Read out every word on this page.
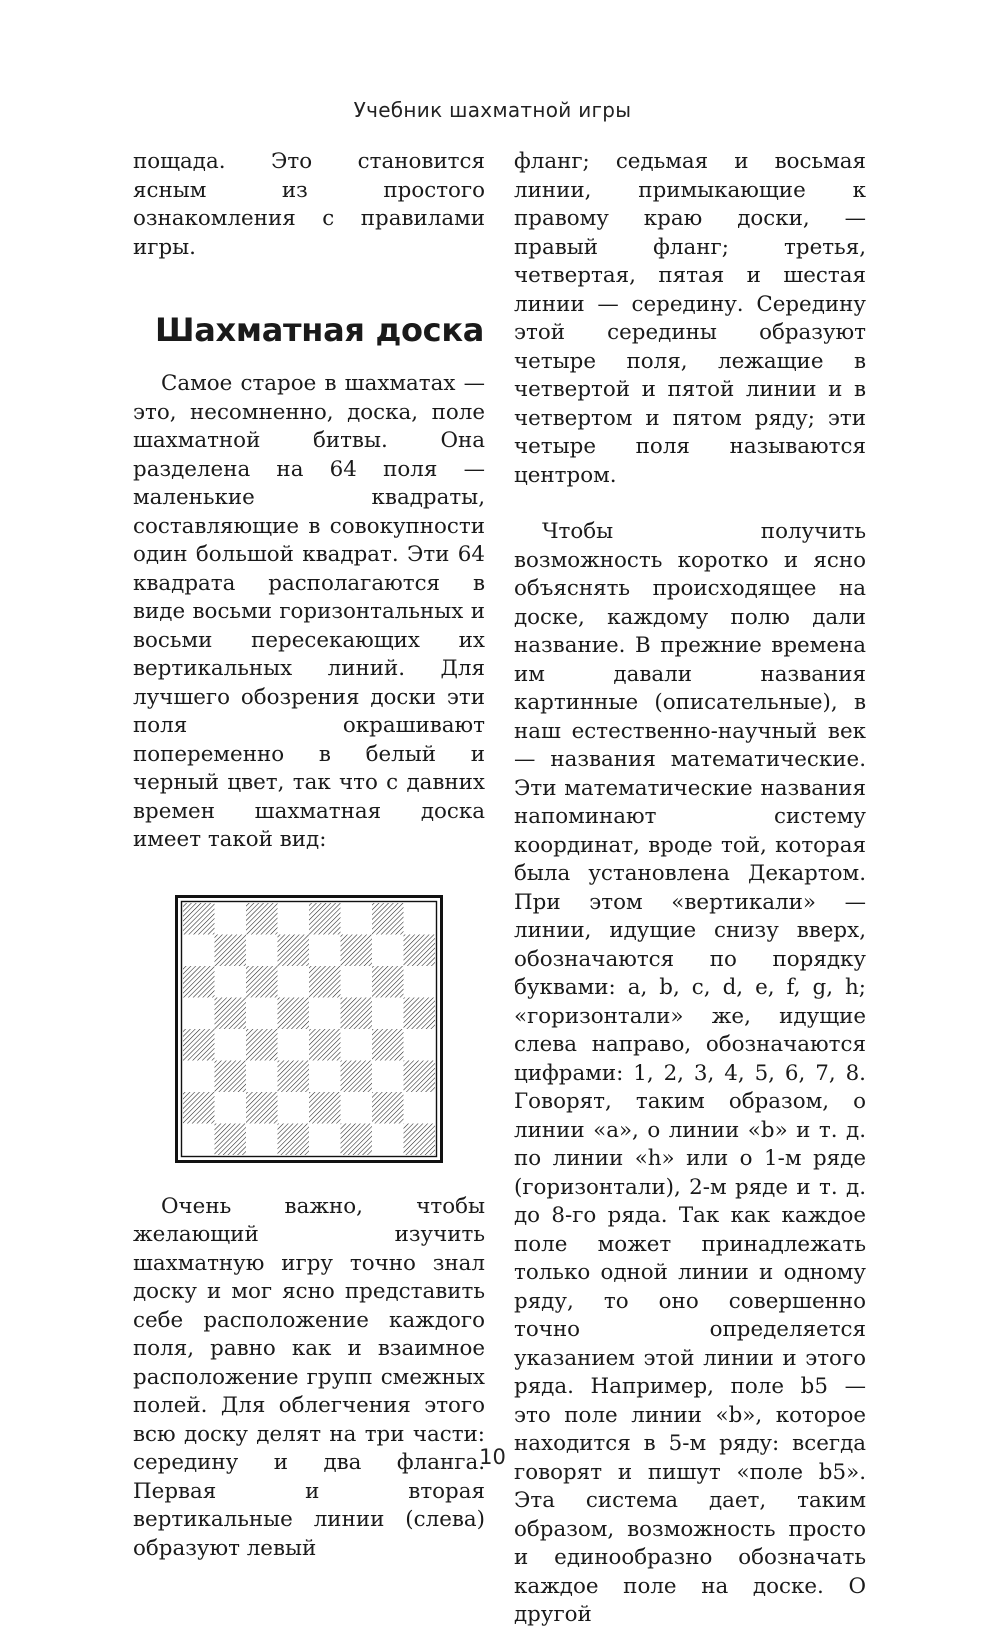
Учебник шахматной игры

пощада. Это становится ясным из простого ознакомления с правилами игры.

Шахматная доска

Самое старое в шахматах — это, несомненно, доска, поле шахматной битвы. Она разделена на 64 поля — маленькие квадраты, составляющие в совокупности один большой квадрат. Эти 64 квадрата располагаются в виде восьми горизонтальных и восьми пересекающих их вертикальных линий. Для лучшего обозрения доски эти поля окрашивают попеременно в белый и черный цвет, так что с давних времен шахматная доска имеет такой вид:

Очень важно, чтобы желающий изучить шахматную игру точно знал доску и мог ясно представить себе расположение каждого поля, равно как и взаимное расположение групп смежных полей. Для облегчения этого всю доску делят на три части: середину и два фланга. Первая и вторая вертикальные линии (слева) образуют левый

фланг; седьмая и восьмая линии, примыкающие к правому краю доски, — правый фланг; третья, четвертая, пятая и шестая линии — середину. Середину этой середины образуют четыре поля, лежащие в четвертой и пятой линии и в четвертом и пятом ряду; эти четыре поля называются центром.

Чтобы получить возможность коротко и ясно объяснять происходящее на доске, каждому полю дали название. В прежние времена им давали названия картинные (описательные), в наш естественно-научный век — названия математические. Эти математические названия напоминают систему координат, вроде той, которая была установлена Декартом. При этом «вертикали» — линии, идущие снизу вверх, обозначаются по порядку буквами: a, b, c, d, e, f, g, h; «горизонтали» же, идущие слева направо, обозначаются цифрами: 1, 2, 3, 4, 5, 6, 7, 8. Говорят, таким образом, о линии «a», о линии «b» и т. д. по линии «h» или о 1-м ряде (горизонтали), 2-м ряде и т. д. до 8-го ряда. Так как каждое поле может принадлежать только одной линии и одному ряду, то оно совершенно точно определяется указанием этой линии и этого ряда. Например, поле b5 — это поле линии «b», которое находится в 5-м ряду: всегда говорят и пишут «поле b5». Эта система дает, таким образом, возможность просто и единообразно обозначать каждое поле на доске. О другой

10
